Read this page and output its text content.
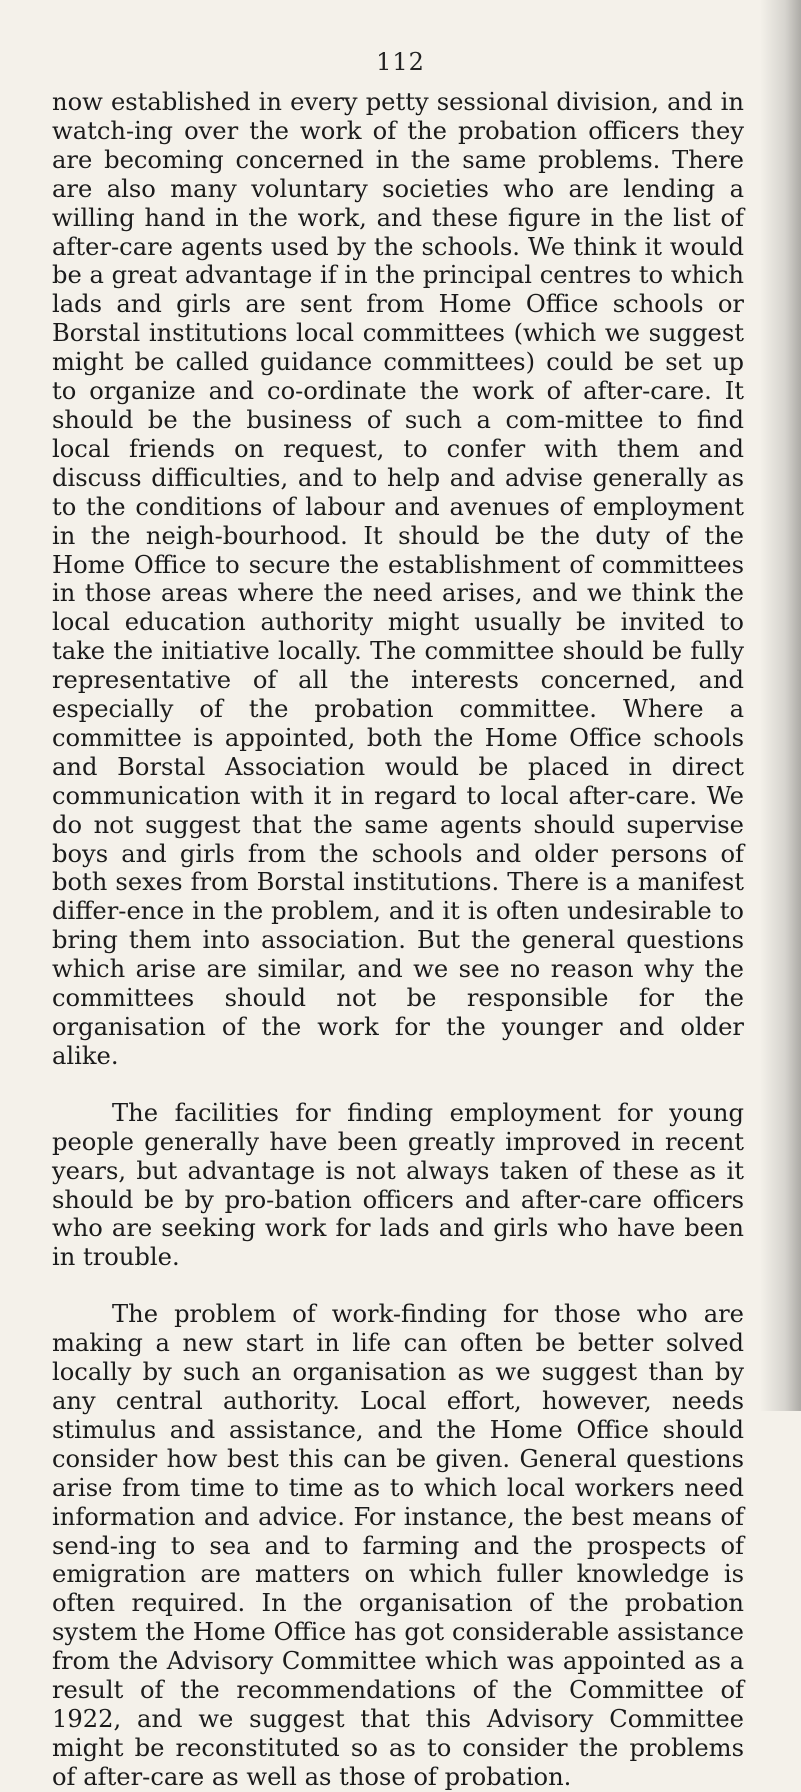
112

now established in every petty sessional division, and in watch-ing over the work of the probation officers they are becoming concerned in the same problems. There are also many voluntary societies who are lending a willing hand in the work, and these figure in the list of after-care agents used by the schools. We think it would be a great advantage if in the principal centres to which lads and girls are sent from Home Office schools or Borstal institutions local committees (which we suggest might be called guidance committees) could be set up to organize and co-ordinate the work of after-care. It should be the business of such a com-mittee to find local friends on request, to confer with them and discuss difficulties, and to help and advise generally as to the conditions of labour and avenues of employment in the neigh-bourhood. It should be the duty of the Home Office to secure the establishment of committees in those areas where the need arises, and we think the local education authority might usually be invited to take the initiative locally. The committee should be fully representative of all the interests concerned, and especially of the probation committee. Where a committee is appointed, both the Home Office schools and Borstal Association would be placed in direct communication with it in regard to local after-care. We do not suggest that the same agents should supervise boys and girls from the schools and older persons of both sexes from Borstal institutions. There is a manifest differ-ence in the problem, and it is often undesirable to bring them into association. But the general questions which arise are similar, and we see no reason why the committees should not be responsible for the organisation of the work for the younger and older alike.

The facilities for finding employment for young people generally have been greatly improved in recent years, but advantage is not always taken of these as it should be by pro-bation officers and after-care officers who are seeking work for lads and girls who have been in trouble.

The problem of work-finding for those who are making a new start in life can often be better solved locally by such an organisation as we suggest than by any central authority. Local effort, however, needs stimulus and assistance, and the Home Office should consider how best this can be given. General questions arise from time to time as to which local workers need information and advice. For instance, the best means of send-ing to sea and to farming and the prospects of emigration are matters on which fuller knowledge is often required. In the organisation of the probation system the Home Office has got considerable assistance from the Advisory Committee which was appointed as a result of the recommendations of the Committee of 1922, and we suggest that this Advisory Committee might be reconstituted so as to consider the problems of after-care as well as those of probation.
